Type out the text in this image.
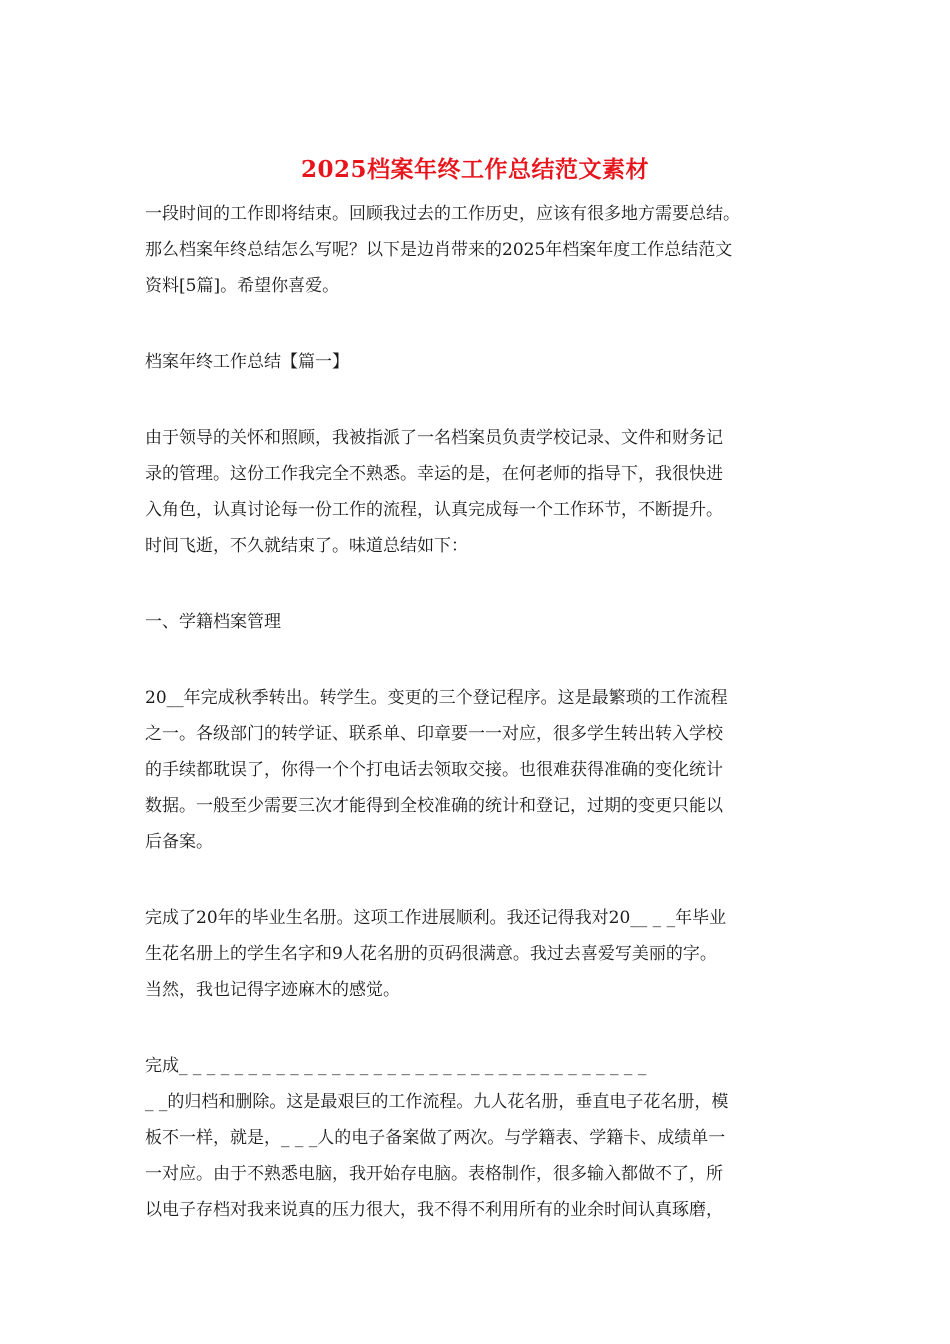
2025档案年终工作总结范文素材

一段时间的工作即将结束。回顾我过去的工作历史，应该有很多地方需要总结。
那么档案年终总结怎么写呢？以下是边肖带来的2025年档案年度工作总结范文
资料[5篇]。希望你喜爱。

档案年终工作总结【篇一】

由于领导的关怀和照顾，我被指派了一名档案员负责学校记录、文件和财务记
录的管理。这份工作我完全不熟悉。幸运的是，在何老师的指导下，我很快进
入角色，认真讨论每一份工作的流程，认真完成每一个工作环节，不断提升。
时间飞逝，不久就结束了。味道总结如下：

一、学籍档案管理

20__年完成秋季转出。转学生。变更的三个登记程序。这是最繁琐的工作流程
之一。各级部门的转学证、联系单、印章要一一对应，很多学生转出转入学校
的手续都耽误了，你得一个个打电话去领取交接。也很难获得准确的变化统计
数据。一般至少需要三次才能得到全校准确的统计和登记，过期的变更只能以
后备案。

完成了20年的毕业生名册。这项工作进展顺利。我还记得我对20__ _ _年毕业
生花名册上的学生名字和9人花名册的页码很满意。我过去喜爱写美丽的字。
当然，我也记得字迹麻木的感觉。

完成_ _ _ _ _ _ _ _ _ _ _ _ _ _ _ _ _ _ _ _ _ _ _ _ _ _ _ _ _ _ _ _ _ _
_ _的归档和删除。这是最艰巨的工作流程。九人花名册，垂直电子花名册，模
板不一样，就是，_ _ _人的电子备案做了两次。与学籍表、学籍卡、成绩单一
一对应。由于不熟悉电脑，我开始存电脑。表格制作，很多输入都做不了，所
以电子存档对我来说真的压力很大，我不得不利用所有的业余时间认真琢磨，
